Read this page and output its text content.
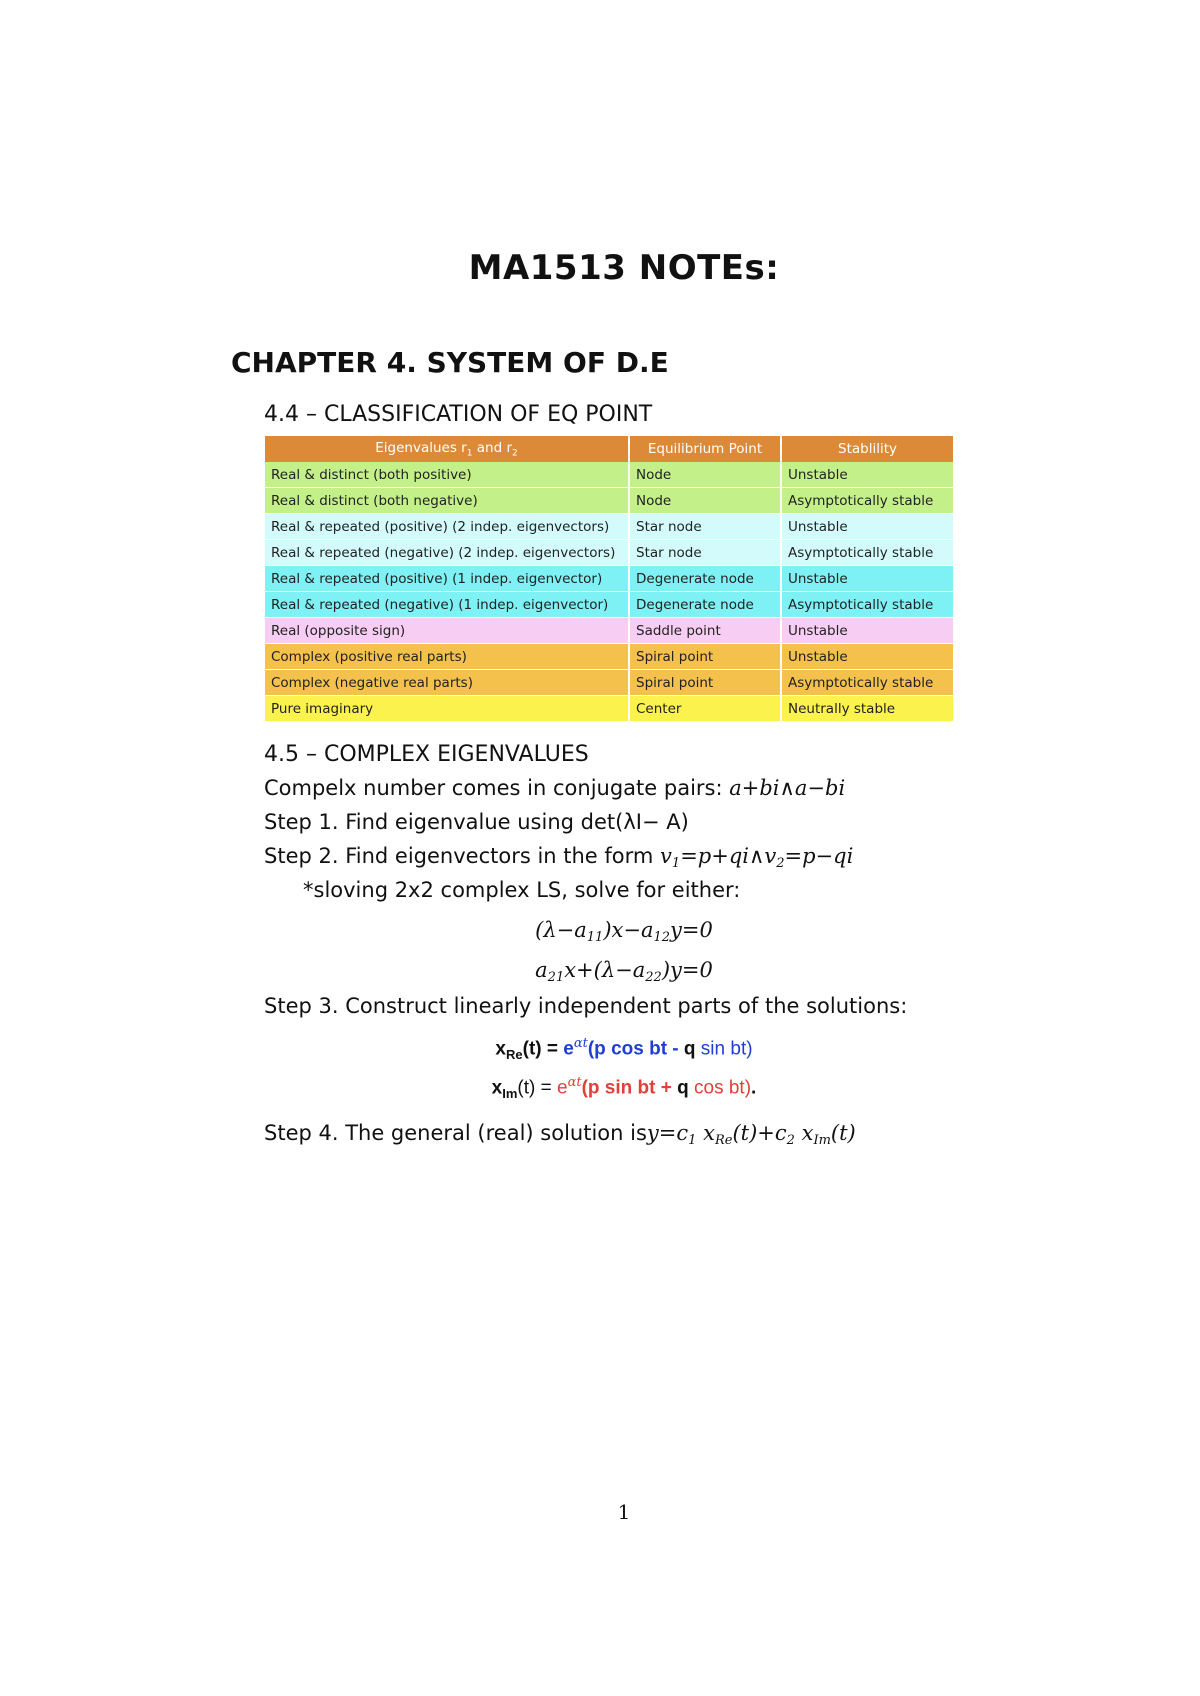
MA1513 NOTEs:
CHAPTER 4. SYSTEM OF D.E
4.4 – CLASSIFICATION OF EQ POINT
Eigenvalues $r_1$ and $r_2$	Equilibrium Point	Stablility
Real & distinct (both positive)	Node	Unstable
Real & distinct (both negative)	Node	Asymptotically stable
Real & repeated (positive) (2 indep. eigenvectors)	Star node	Unstable
Real & repeated (negative) (2 indep. eigenvectors)	Star node	Asymptotically stable
Real & repeated (positive) (1 indep. eigenvector)	Degenerate node	Unstable
Real & repeated (negative) (1 indep. eigenvector)	Degenerate node	Asymptotically stable
Real (opposite sign)	Saddle point	Unstable
Complex (positive real parts)	Spiral point	Unstable
Complex (negative real parts)	Spiral point	Asymptotically stable
Pure imaginary	Center	Neutrally stable
4.5 – COMPLEX EIGENVALUES
Compelx number comes in conjugate pairs: a+bi∧a−bi
Step 1. Find eigenvalue using det(λI− A)
Step 2. Find eigenvectors in the form $v_1=p+qi\wedge v_2=p-qi$
*sloving 2x2 complex LS, solve for either:
$(\lambda-a_{11})x-a_{12}y=0$
$a_{21}x+(\lambda-a_{22})y=0$
Step 3. Construct linearly independent parts of the solutions:
$x_{Re}(t) = e^{\alpha t}(p$ cos bt - q sin bt)
$x_{Im}(t) = e^{\alpha t}(p$ sin bt + q cos bt).
Step 4. The general (real) solution $isy=c_1$ $x_{Re}(t)+c_2$ $x_{Im}(t)$
1
